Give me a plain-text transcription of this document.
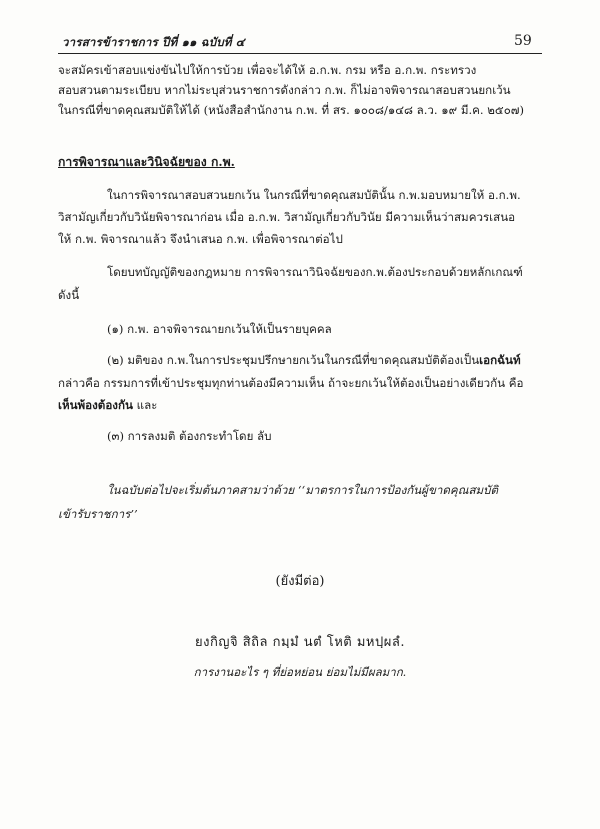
วารสารข้าราชการ ปีที่ ๑๑ ฉบับที่ ๔	59
จะสมัครเข้าสอบแข่งขันไปให้การบ้วย เพื่อจะได้ให้ อ.ก.พ. กรม หรือ อ.ก.พ. กระทรวง
สอบสวนตามระเบียบ หากไม่ระบุส่วนราชการดังกล่าว ก.พ. ก็ไม่อาจพิจารณาสอบสวนยกเว้น
ในกรณีที่ขาดคุณสมบัติให้ได้ (หนังสือสำนักงาน ก.พ. ที่ สร. ๑๐๐๘/๑๔๘ ล.ว. ๑๙ มี.ค. ๒๕๐๗)
การพิจารณาและวินิจฉัยของ ก.พ.
ในการพิจารณาสอบสวนยกเว้น ในกรณีที่ขาดคุณสมบัตินั้น ก.พ.มอบหมายให้ อ.ก.พ.
วิสามัญเกี่ยวกับวินัยพิจารณาก่อน เมื่อ อ.ก.พ. วิสามัญเกี่ยวกับวินัย มีความเห็นว่าสมควรเสนอ
ให้ ก.พ. พิจารณาแล้ว จึงนำเสนอ ก.พ. เพื่อพิจารณาต่อไป
โดยบทบัญญัติของกฎหมาย การพิจารณาวินิจฉัยของก.พ.ต้องประกอบด้วยหลักเกณฑ์
ดังนี้
(๑) ก.พ. อาจพิจารณายกเว้นให้เป็นรายบุคคล
(๒) มติของ ก.พ.ในการประชุมปรึกษายกเว้นในกรณีที่ขาดคุณสมบัติต้องเป็นเอกฉันท์
กล่าวคือ กรรมการที่เข้าประชุมทุกท่านต้องมีความเห็น ถ้าจะยกเว้นให้ต้องเป็นอย่างเดียวกัน คือ
เห็นพ้องต้องกัน และ
(๓) การลงมติ ต้องกระทำโดย ลับ
ในฉบับต่อไปจะเริ่มต้นภาคสามว่าด้วย ‘‘มาตรการในการป้องกันผู้ขาดคุณสมบัติ
เข้ารับราชการ’’
(ยังมีต่อ)
ยงกิญจิ สิถิล กมฺมํ นตํ โหติ มหปฺผลํ.
การงานอะไร ๆ ที่ย่อหย่อน ย่อมไม่มีผลมาก.
